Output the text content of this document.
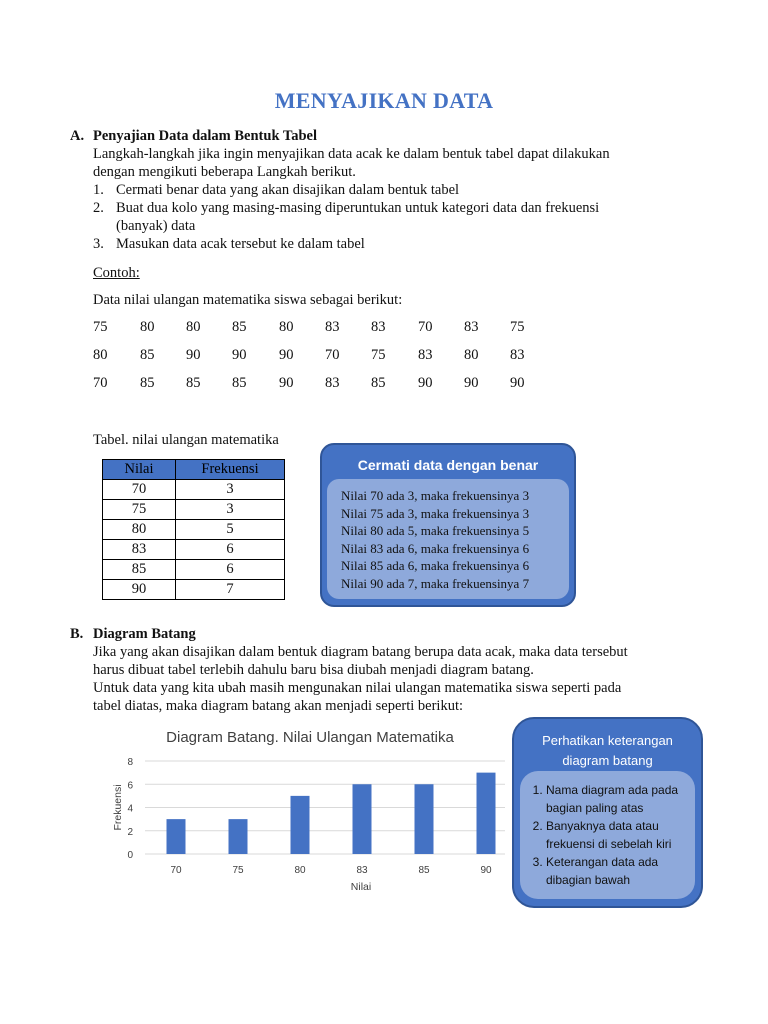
MENYAJIKAN DATA
A. Penyajian Data dalam Bentuk Tabel
Langkah-langkah jika ingin menyajikan data acak ke dalam bentuk tabel dapat dilakukan
dengan mengikuti beberapa Langkah berikut.
1. Cermati benar data yang akan disajikan dalam bentuk tabel
2. Buat dua kolo yang masing-masing diperuntukan untuk kategori data dan frekuensi
(banyak) data
3. Masukan data acak tersebut ke dalam tabel
Contoh:
Data nilai ulangan matematika siswa sebagai berikut:
75 80 80 85 80 83 83 70 83 75
80 85 90 90 90 70 75 83 80 83
70 85 85 85 90 83 85 90 90 90
Tabel. nilai ulangan matematika
Nilai	Frekuensi
70	3
75	3
80	5
83	6
85	6
90	7
Cermati data dengan benar
Nilai 70 ada 3, maka frekuensinya 3
Nilai 75 ada 3, maka frekuensinya 3
Nilai 80 ada 5, maka frekuensinya 5
Nilai 83 ada 6, maka frekuensinya 6
Nilai 85 ada 6, maka frekuensinya 6
Nilai 90 ada 7, maka frekuensinya 7
B. Diagram Batang
Jika yang akan disajikan dalam bentuk diagram batang berupa data acak, maka data tersebut
harus dibuat tabel terlebih dahulu baru bisa diubah menjadi diagram batang.
Untuk data yang kita ubah masih mengunakan nilai ulangan matematika siswa seperti pada
tabel diatas, maka diagram batang akan menjadi seperti berikut:
Diagram Batang. Nilai Ulangan Matematika
0
2
4
6
8
70	75	80	83	85	90
Nilai
Frekuensi
Perhatikan keterangan
diagram batang
1. Nama diagram ada pada bagian paling atas
2. Banyaknya data atau frekuensi di sebelah kiri
3. Keterangan data ada dibagian bawah
